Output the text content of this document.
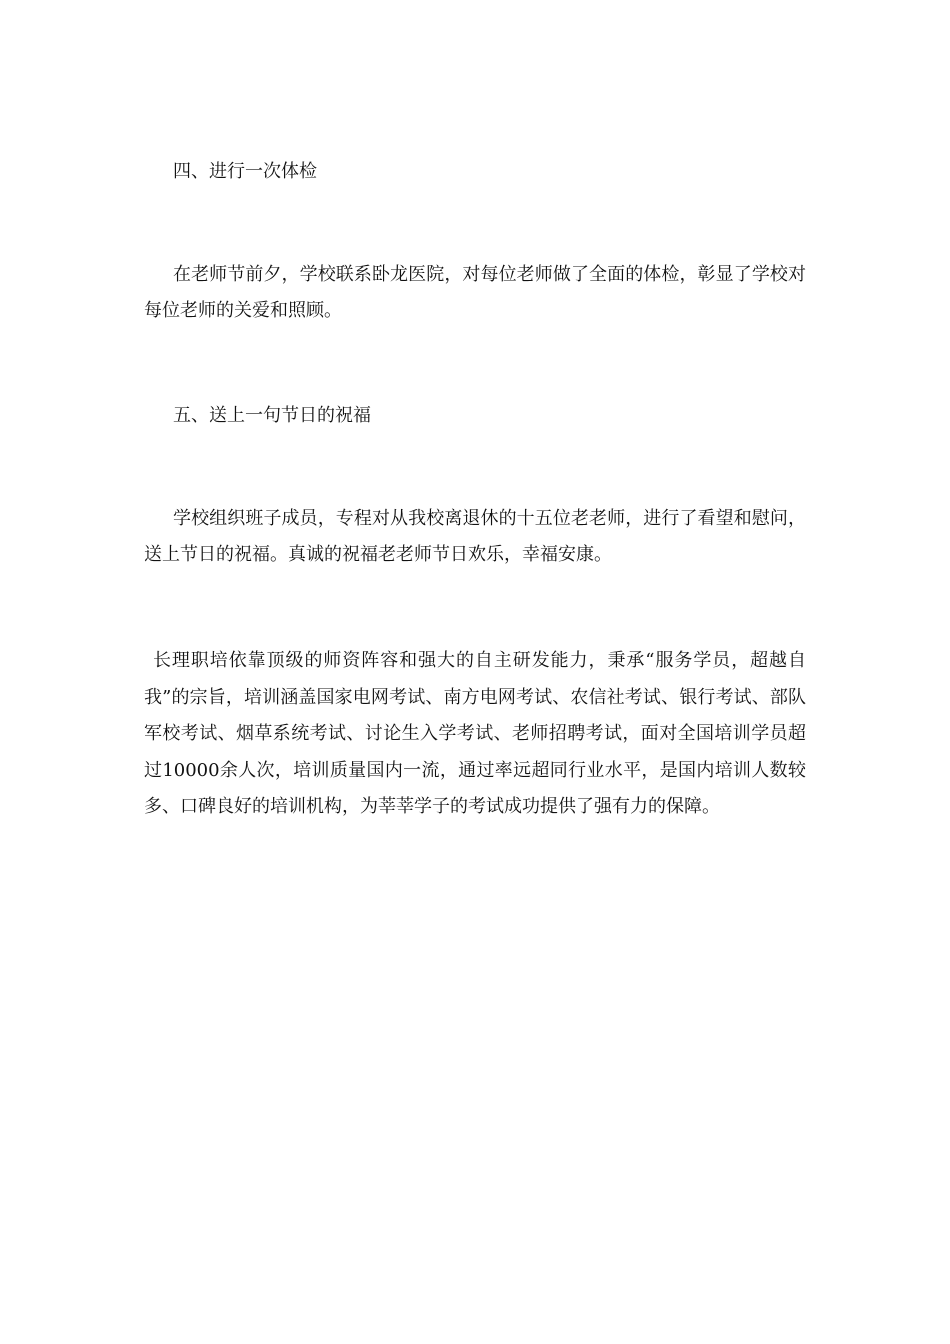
四、进行一次体检
在老师节前夕，学校联系卧龙医院，对每位老师做了全面的体检，彰显了学校对每位老师的关爱和照顾。
五、送上一句节日的祝福
学校组织班子成员，专程对从我校离退休的十五位老老师，进行了看望和慰问，送上节日的祝福。真诚的祝福老老师节日欢乐，幸福安康。
长理职培依靠顶级的师资阵容和强大的自主研发能力，秉承“服务学员，超越自我”的宗旨，培训涵盖国家电网考试、南方电网考试、农信社考试、银行考试、部队军校考试、烟草系统考试、讨论生入学考试、老师招聘考试，面对全国培训学员超过10000余人次，培训质量国内一流，通过率远超同行业水平，是国内培训人数较多、口碑良好的培训机构，为莘莘学子的考试成功提供了强有力的保障。
